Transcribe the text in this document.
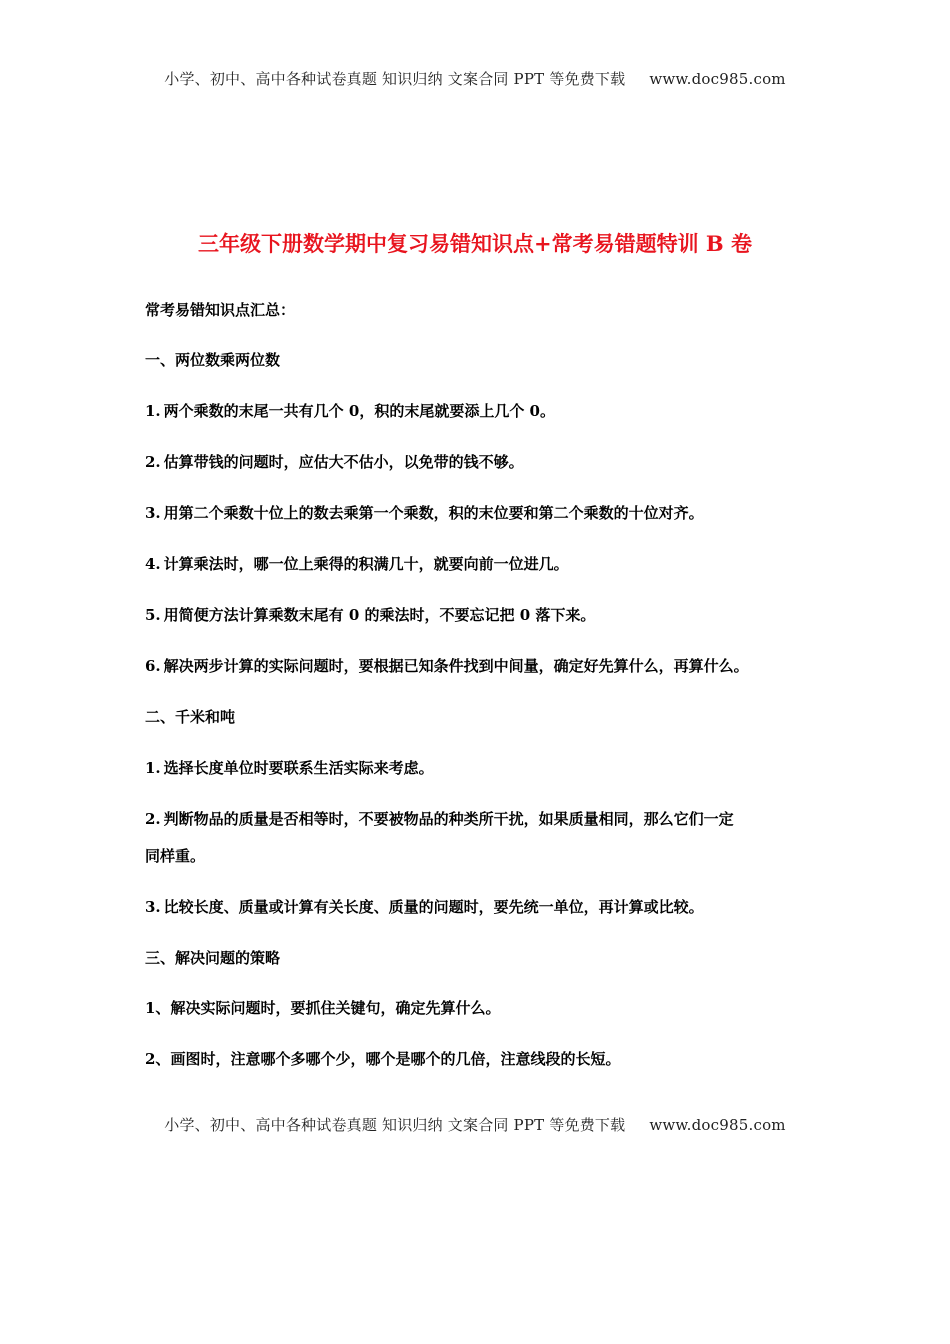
小学、初中、高中各种试卷真题 知识归纳 文案合同 PPT 等免费下载 www.doc985.com
三年级下册数学期中复习易错知识点+常考易错题特训 B 卷
常考易错知识点汇总：
一、两位数乘两位数
1. 两个乘数的末尾一共有几个 0，积的末尾就要添上几个 0。
2. 估算带钱的问题时，应估大不估小，以免带的钱不够。
3. 用第二个乘数十位上的数去乘第一个乘数，积的末位要和第二个乘数的十位对齐。
4. 计算乘法时，哪一位上乘得的积满几十，就要向前一位进几。
5. 用简便方法计算乘数末尾有 0 的乘法时，不要忘记把 0 落下来。
6. 解决两步计算的实际问题时，要根据已知条件找到中间量，确定好先算什么，再算什么。
二、千米和吨
1. 选择长度单位时要联系生活实际来考虑。
2. 判断物品的质量是否相等时，不要被物品的种类所干扰，如果质量相同，那么它们一定
同样重。
3. 比较长度、质量或计算有关长度、质量的问题时，要先统一单位，再计算或比较。
三、解决问题的策略
1、解决实际问题时，要抓住关键句，确定先算什么。
2、画图时，注意哪个多哪个少，哪个是哪个的几倍，注意线段的长短。
小学、初中、高中各种试卷真题 知识归纳 文案合同 PPT 等免费下载 www.doc985.com
